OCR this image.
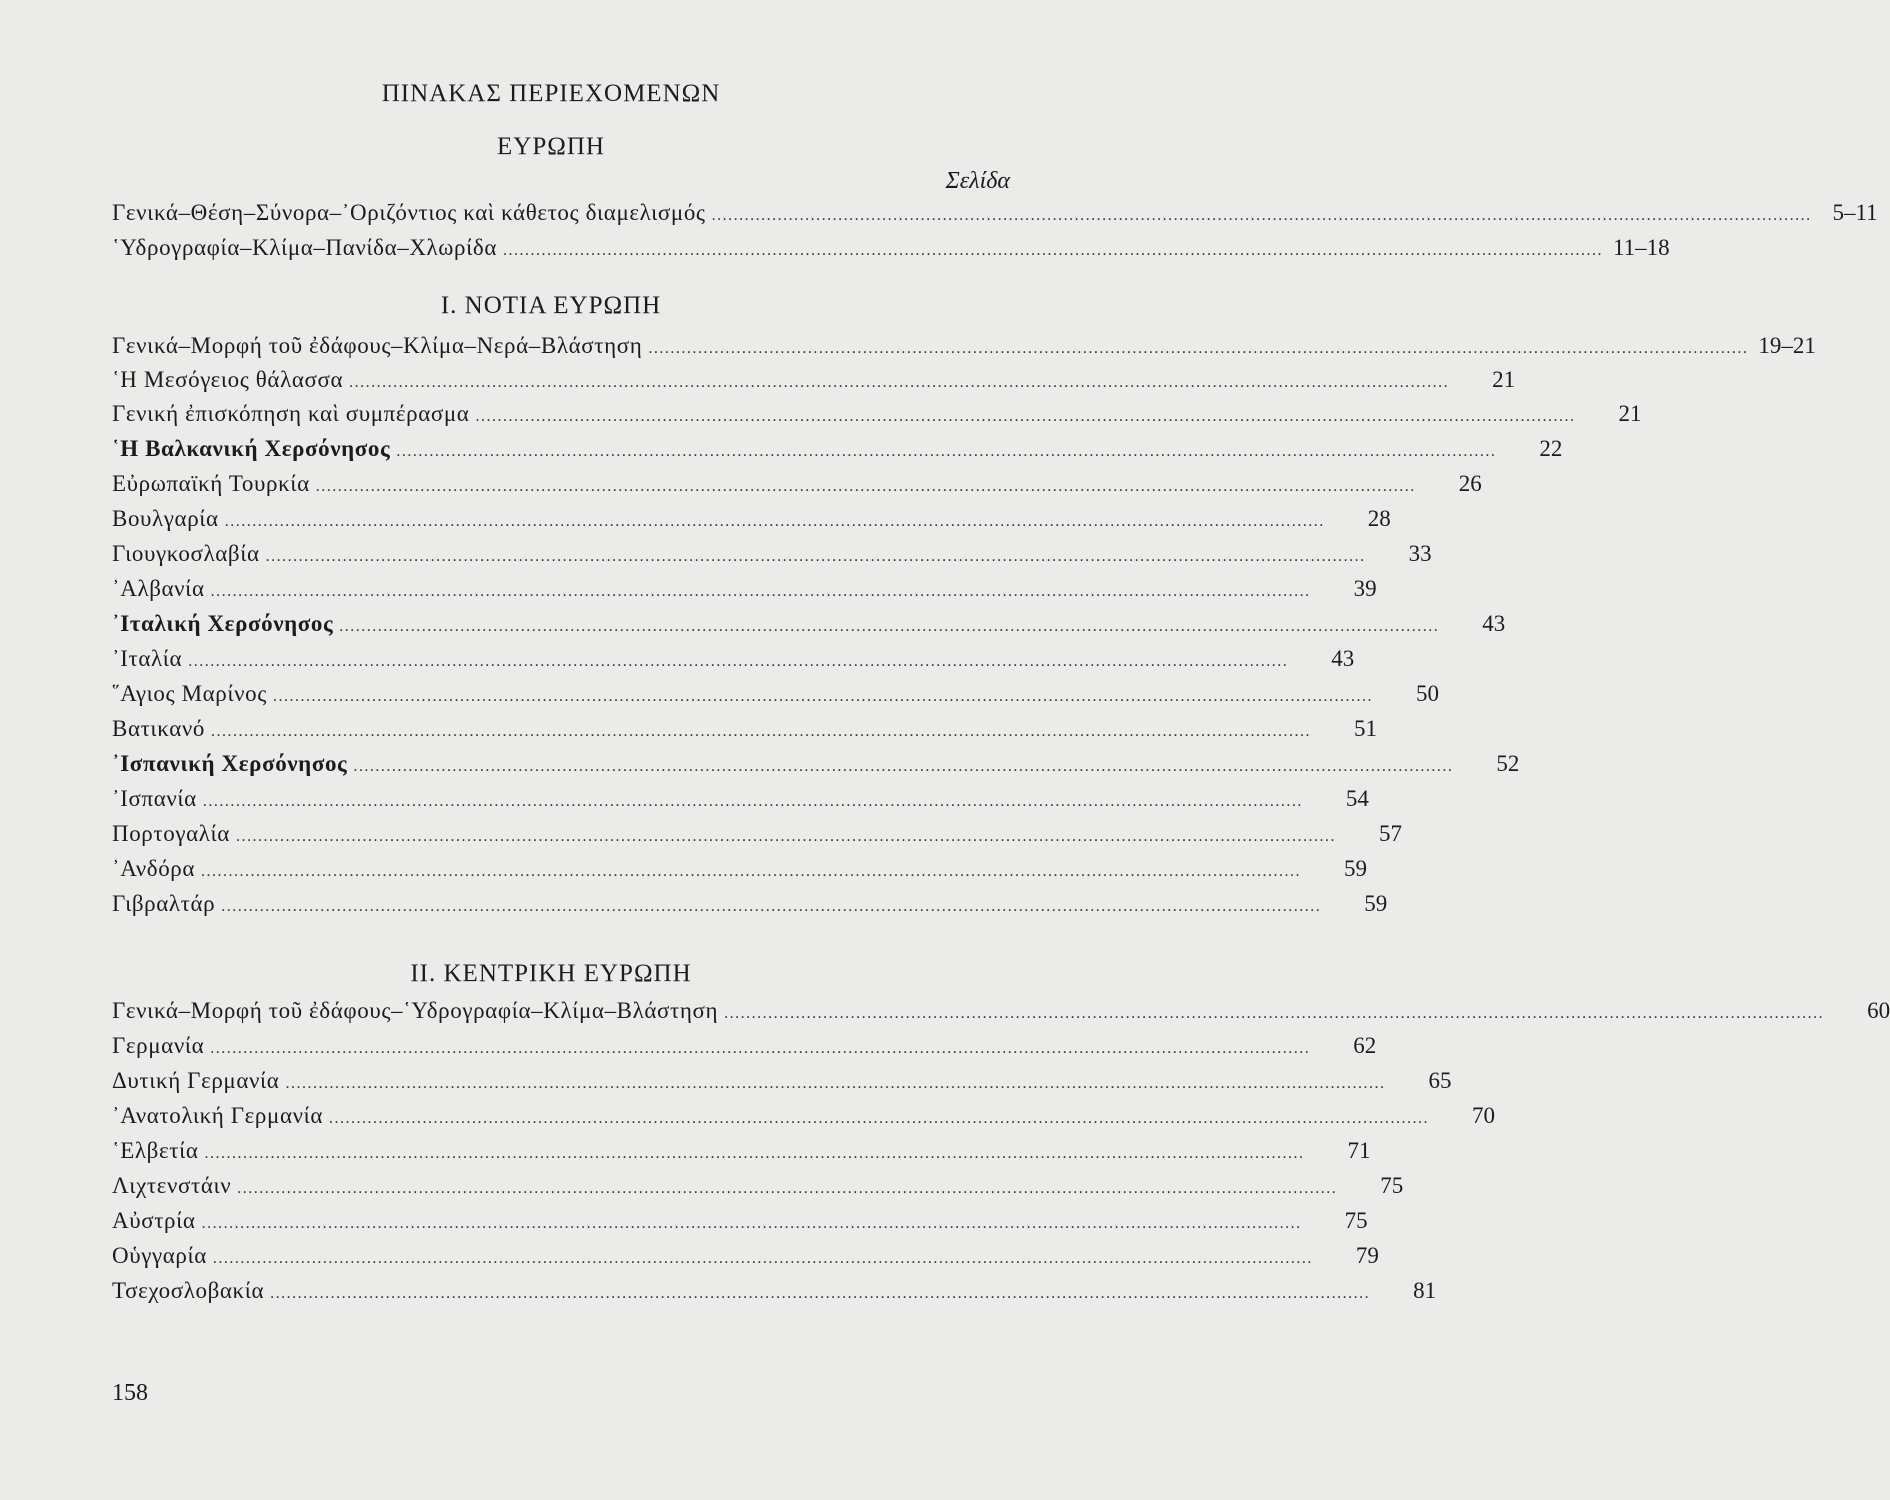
ΠΙΝΑΚΑΣ ΠΕΡΙΕΧΟΜΕΝΩΝ
ΕΥΡΩΠΗ
Σελίδα
Γενικά–Θέση–Σύνορα–᾿Οριζόντιος καὶ κάθετος διαμελισμός ........................................................................................................................................................................................................ 5–11
῾Υδρογραφία–Κλίμα–Πανίδα–Χλωρίδα ........................................................................................................................................................................................................ 11–18
Ι. ΝΟΤΙΑ ΕΥΡΩΠΗ
Γενικά–Μορφή τοῦ ἐδάφους–Κλίμα–Νερά–Βλάστηση ........................................................................................................................................................................................................ 19–21
῾Η Μεσόγειος θάλασσα ........................................................................................................................................................................................................	21
Γενική ἐπισκόπηση καὶ συμπέρασμα ........................................................................................................................................................................................................	21
῾Η Βαλκανική Χερσόνησος ........................................................................................................................................................................................................	22
Εὐρωπαϊκή Τουρκία ........................................................................................................................................................................................................	26
Βουλγαρία ........................................................................................................................................................................................................	28
Γιουγκοσλαβία ........................................................................................................................................................................................................	33
᾿Αλβανία ........................................................................................................................................................................................................	39
᾿Ιταλική Χερσόνησος ........................................................................................................................................................................................................	43
᾿Ιταλία ........................................................................................................................................................................................................	43
῞Αγιος Μαρίνος ........................................................................................................................................................................................................	50
Βατικανό ........................................................................................................................................................................................................	51
᾿Ισπανική Χερσόνησος ........................................................................................................................................................................................................	52
᾿Ισπανία ........................................................................................................................................................................................................	54
Πορτογαλία ........................................................................................................................................................................................................	57
᾿Ανδόρα ........................................................................................................................................................................................................	59
Γιβραλτάρ ........................................................................................................................................................................................................	59
ΙΙ. ΚΕΝΤΡΙΚΗ ΕΥΡΩΠΗ
Γενικά–Μορφή τοῦ ἐδάφους–῾Υδρογραφία–Κλίμα–Βλάστηση ........................................................................................................................................................................................................	60
Γερμανία ........................................................................................................................................................................................................	62
Δυτική Γερμανία ........................................................................................................................................................................................................	65
᾿Ανατολική Γερμανία ........................................................................................................................................................................................................	70
῾Ελβετία ........................................................................................................................................................................................................	71
Λιχτενστάιν ........................................................................................................................................................................................................	75
Αὐστρία ........................................................................................................................................................................................................	75
Οὑγγαρία ........................................................................................................................................................................................................	79
Τσεχοσλοβακία ........................................................................................................................................................................................................	81
158
